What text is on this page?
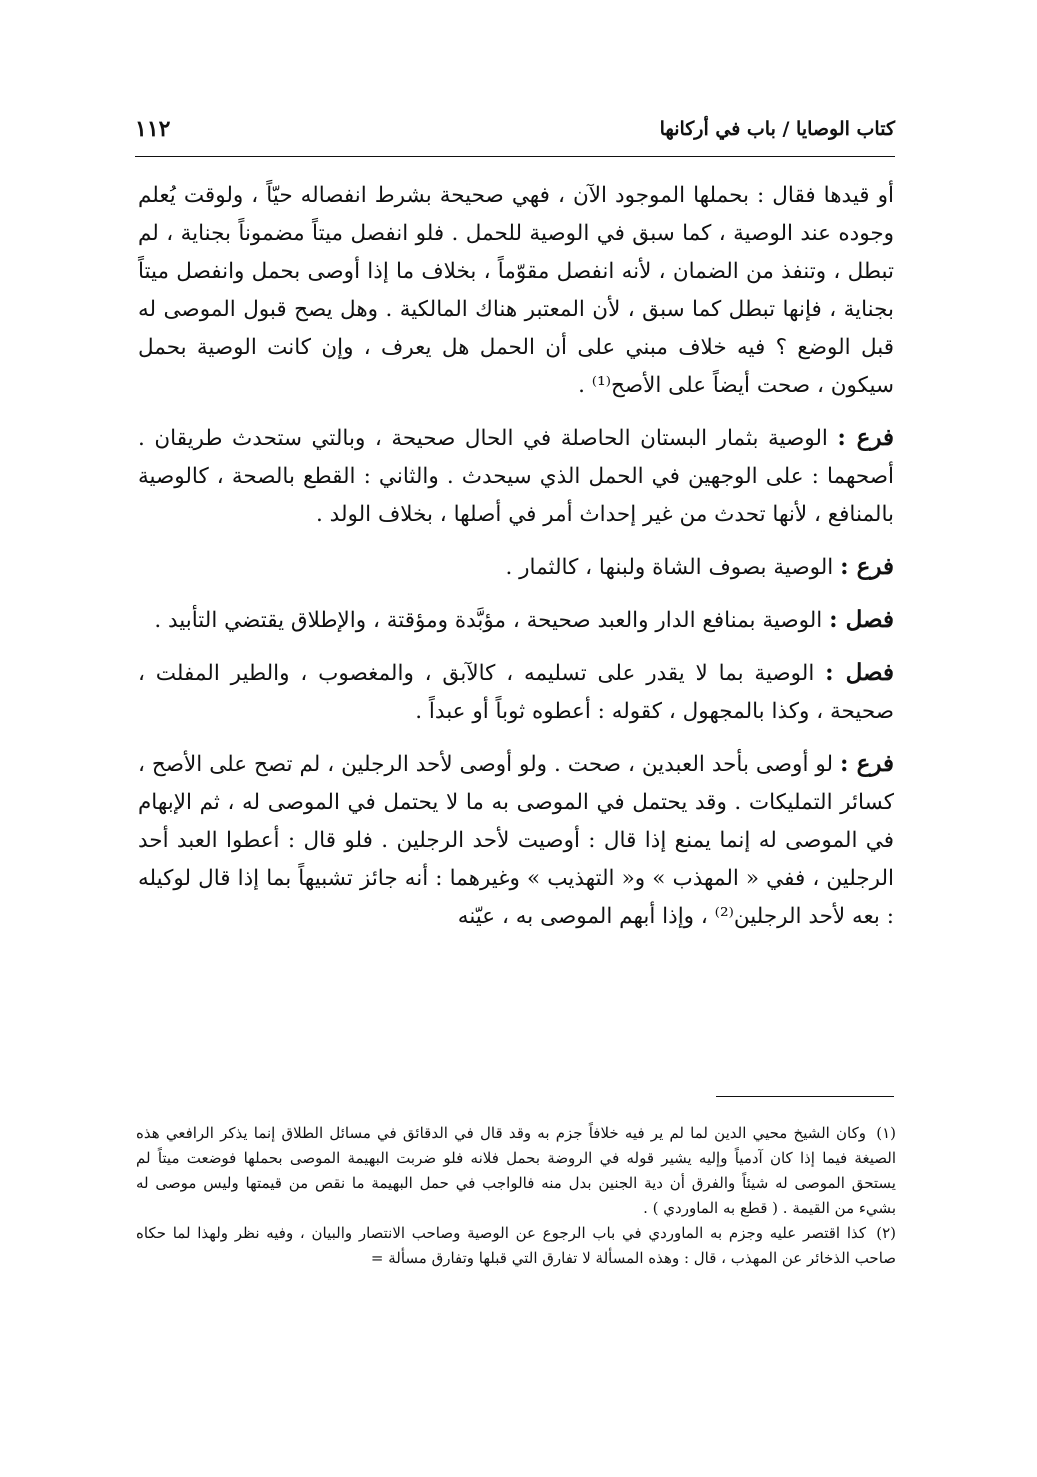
كتاب الوصايا / باب في أركانها
١١٢

أو قيدها فقال : بحملها الموجود الآن ، فهي صحيحة بشرط انفصاله حيّاً ، ولوقت يُعلم وجوده عند الوصية ، كما سبق في الوصية للحمل . فلو انفصل ميتاً مضموناً بجناية ، لم تبطل ، وتنفذ من الضمان ، لأنه انفصل مقوّماً ، بخلاف ما إذا أوصى بحمل وانفصل ميتاً بجناية ، فإنها تبطل كما سبق ، لأن المعتبر هناك المالكية . وهل يصح قبول الموصى له قبل الوضع ؟ فيه خلاف مبني على أن الحمل هل يعرف ، وإن كانت الوصية بحمل سيكون ، صحت أيضاً على الأصح⁽¹⁾ .

فرع : الوصية بثمار البستان الحاصلة في الحال صحيحة ، وبالتي ستحدث طريقان . أصحهما : على الوجهين في الحمل الذي سيحدث . والثاني : القطع بالصحة ، كالوصية بالمنافع ، لأنها تحدث من غير إحداث أمر في أصلها ، بخلاف الولد .

فرع : الوصية بصوف الشاة ولبنها ، كالثمار .

فصل : الوصية بمنافع الدار والعبد صحيحة ، مؤبَّدة ومؤقتة ، والإطلاق يقتضي التأبيد .

فصل : الوصية بما لا يقدر على تسليمه ، كالآبق ، والمغصوب ، والطير المفلت ، صحيحة ، وكذا بالمجهول ، كقوله : أعطوه ثوباً أو عبداً .

فرع : لو أوصى بأحد العبدين ، صحت . ولو أوصى لأحد الرجلين ، لم تصح على الأصح ، كسائر التمليكات . وقد يحتمل في الموصى به ما لا يحتمل في الموصى له ، ثم الإبهام في الموصى له إنما يمنع إذا قال : أوصيت لأحد الرجلين . فلو قال : أعطوا العبد أحد الرجلين ، ففي « المهذب » و« التهذيب » وغيرهما : أنه جائز تشبيهاً بما إذا قال لوكيله : بعه لأحد الرجلين⁽²⁾ ، وإذا أبهم الموصى به ، عيّنه

(١)وكان الشيخ محيي الدين لما لم ير فيه خلافاً جزم به وقد قال في الدقائق في مسائل الطلاق إنما يذكر الرافعي هذه الصيغة فيما إذا كان آدمياً وإليه يشير قوله في الروضة بحمل فلانه فلو ضربت البهيمة الموصى بحملها فوضعت ميتاً لم يستحق الموصى له شيئاً والفرق أن دية الجنين بدل منه فالواجب في حمل البهيمة ما نقص من قيمتها وليس موصى له بشيء من القيمة . ( قطع به الماوردي ) .

(٢)كذا اقتصر عليه وجزم به الماوردي في باب الرجوع عن الوصية وصاحب الانتصار والبيان ، وفيه نظر ولهذا لما حكاه صاحب الذخائر عن المهذب ، قال : وهذه المسألة لا تفارق التي قبلها وتفارق مسألة =
